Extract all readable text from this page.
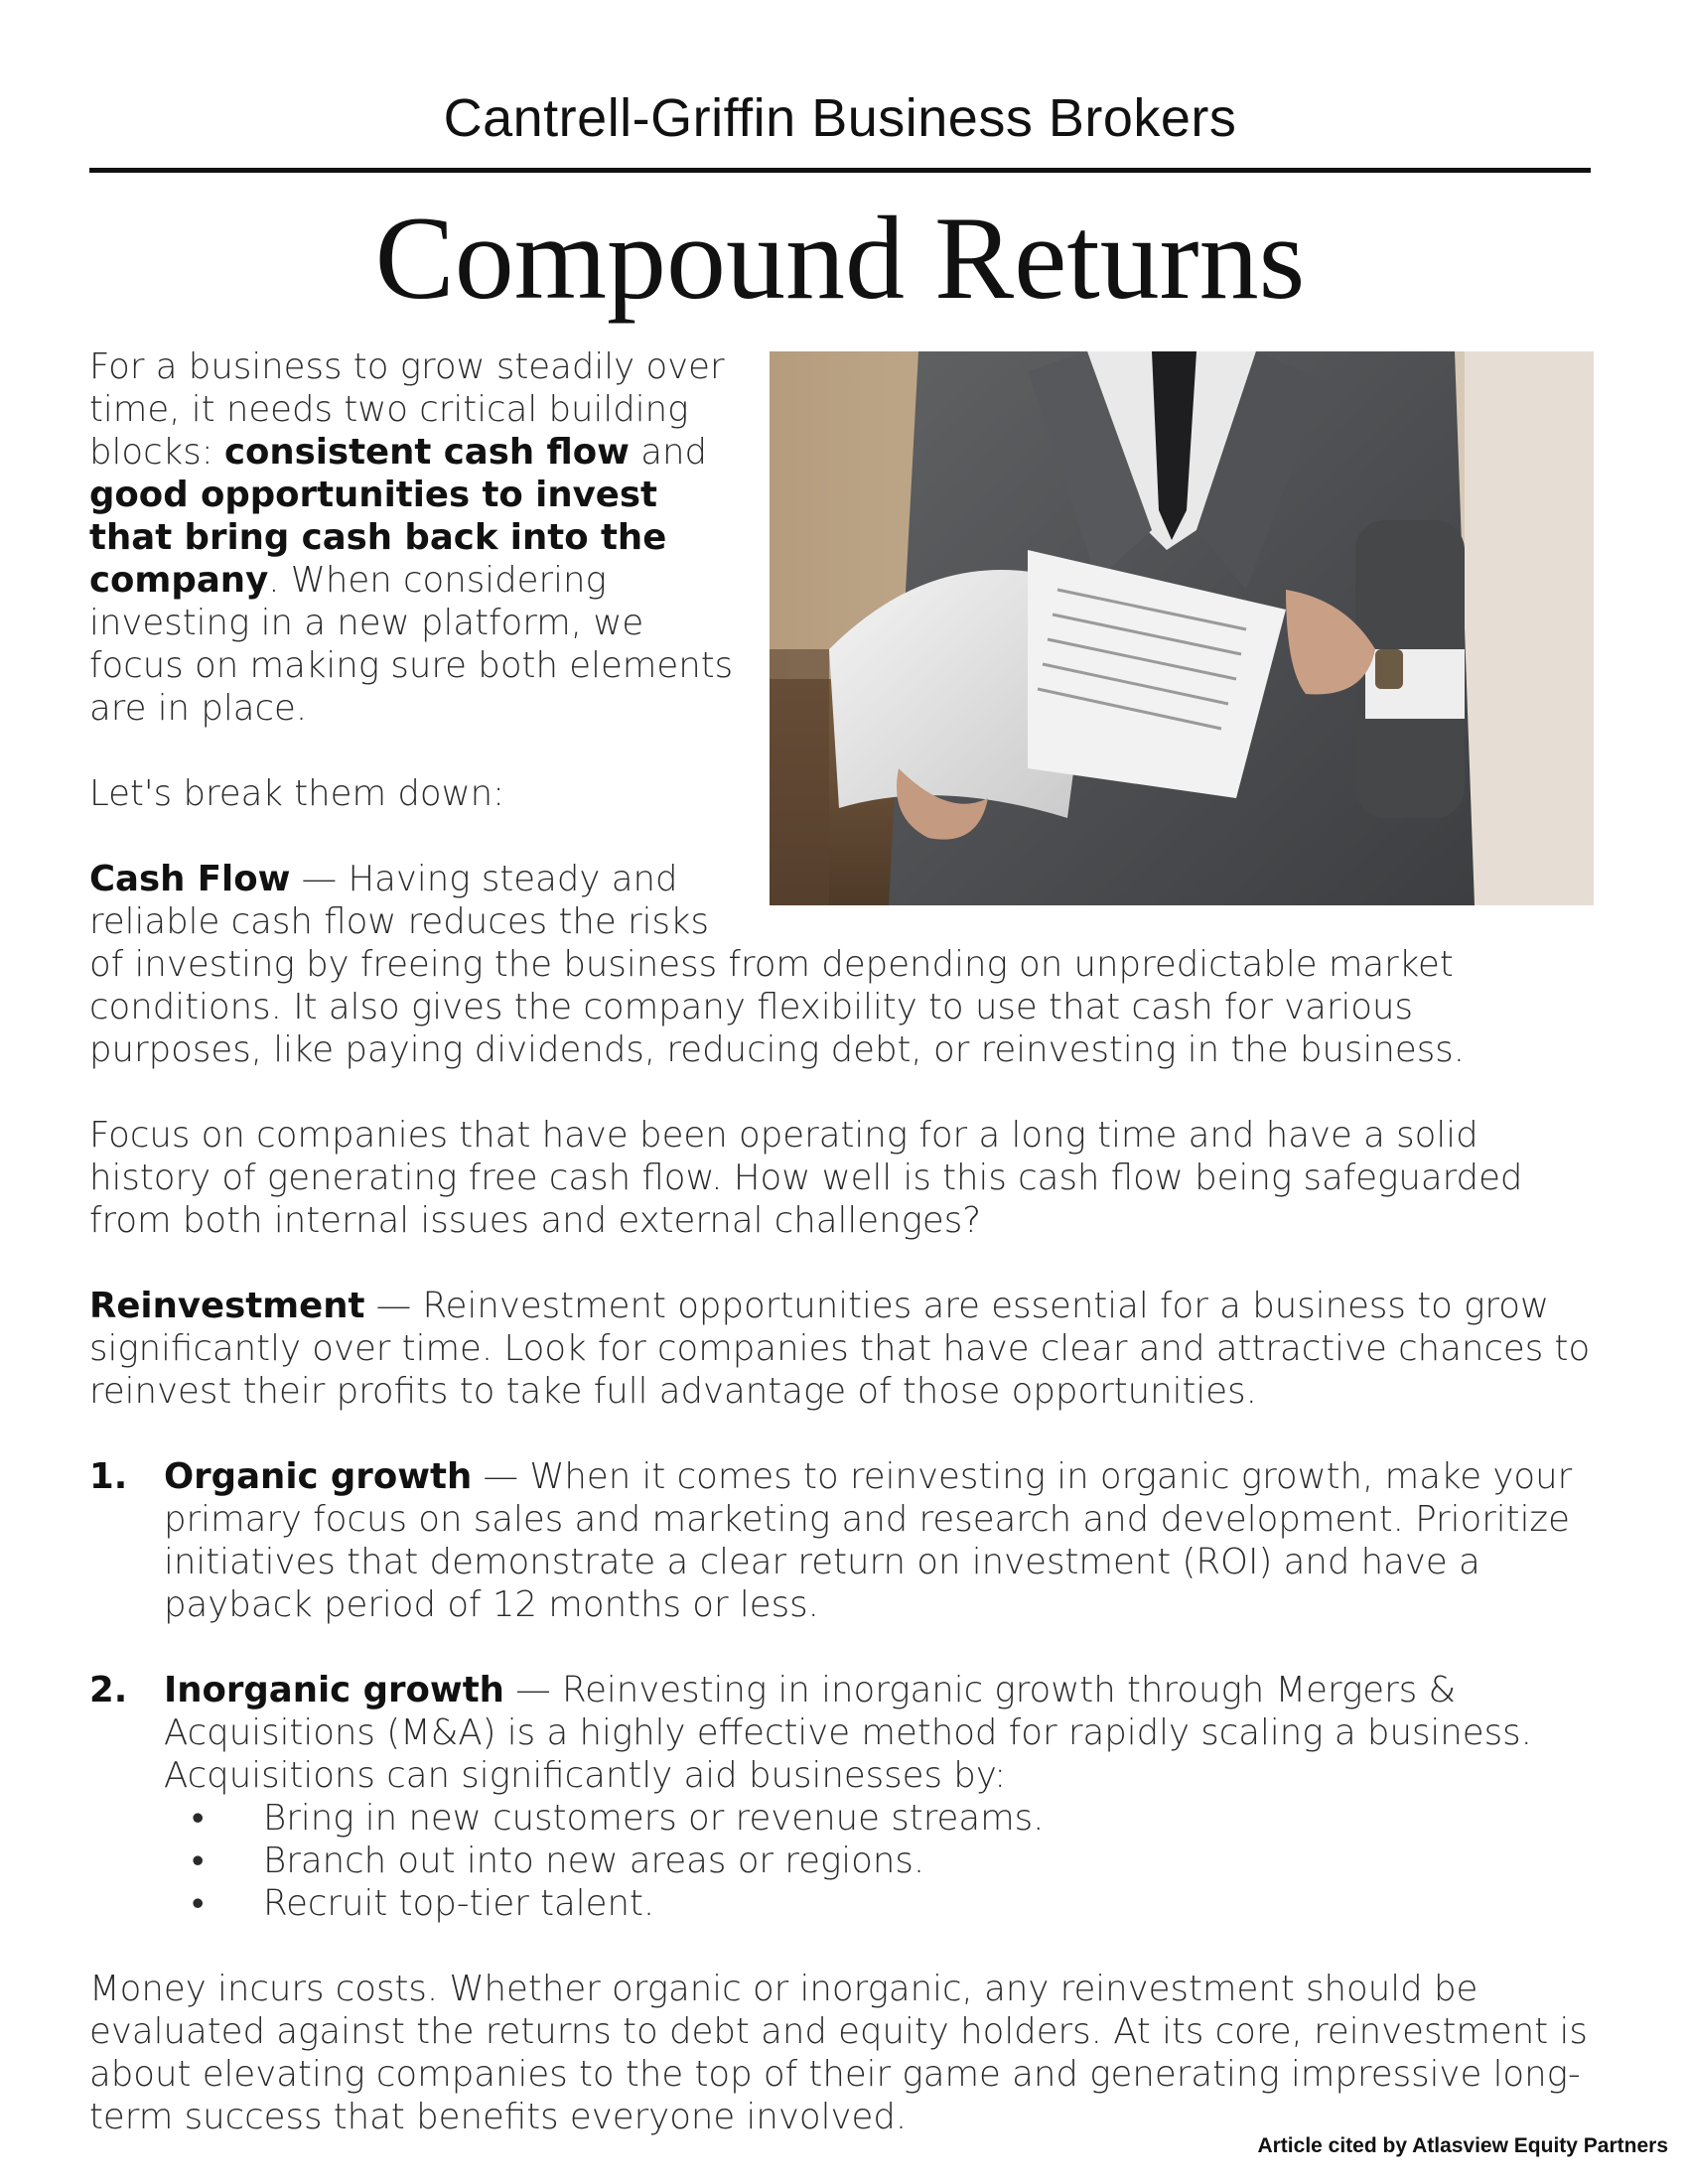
Cantrell-Griffin Business Brokers
Compound Returns

For a business to grow steadily over time, it needs two critical building blocks: consistent cash flow and good opportunities to invest that bring cash back into the company. When considering investing in a new platform, we focus on making sure both elements are in place.

Let's break them down:

Cash Flow — Having steady and reliable cash flow reduces the risks of investing by freeing the business from depending on unpredictable market conditions. It also gives the company flexibility to use that cash for various purposes, like paying dividends, reducing debt, or reinvesting in the business.

Focus on companies that have been operating for a long time and have a solid history of generating free cash flow. How well is this cash flow being safeguarded from both internal issues and external challenges?

Reinvestment — Reinvestment opportunities are essential for a business to grow significantly over time. Look for companies that have clear and attractive chances to reinvest their profits to take full advantage of those opportunities.

1. Organic growth — When it comes to reinvesting in organic growth, make your primary focus on sales and marketing and research and development. Prioritize initiatives that demonstrate a clear return on investment (ROI) and have a payback period of 12 months or less.
2. Inorganic growth — Reinvesting in inorganic growth through Mergers & Acquisitions (M&A) is a highly effective method for rapidly scaling a business. Acquisitions can significantly aid businesses by:
• Bring in new customers or revenue streams.
• Branch out into new areas or regions.
• Recruit top-tier talent.

Money incurs costs. Whether organic or inorganic, any reinvestment should be evaluated against the returns to debt and equity holders. At its core, reinvestment is about elevating companies to the top of their game and generating impressive long-term success that benefits everyone involved.

Article cited by Atlasview Equity Partners
